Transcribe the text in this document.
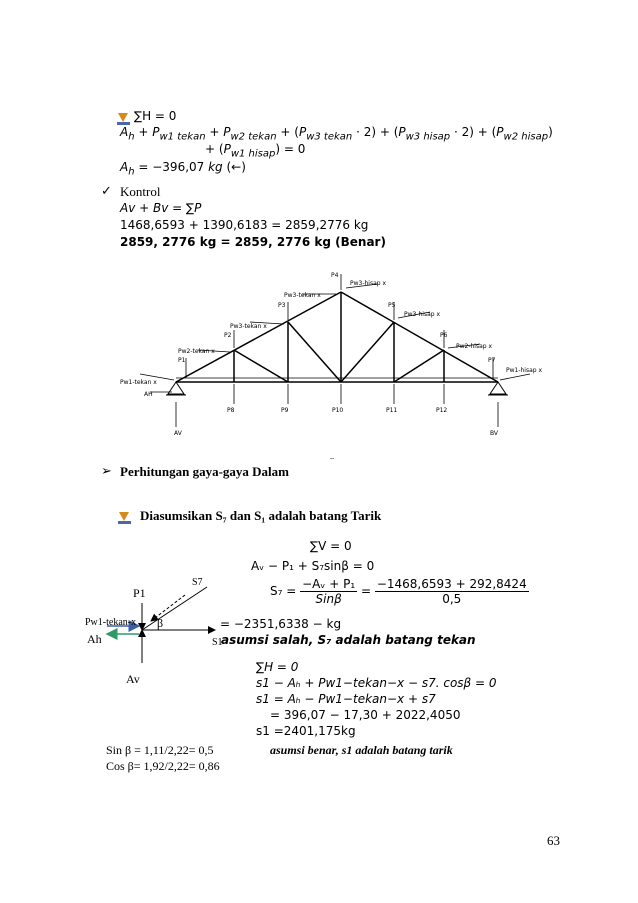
∑H = 0
$A_h + P_{w1 tekan} + P_{w2 tekan} + (P_{w3 tekan} \cdot 2) + (P_{w3 hisap} \cdot 2) + (P_{w2 hisap})$
+ $(P_{w1 hisap}) = 0$
$A_h = -396,07$ kg (←)
✓ Kontrol
Av + Bv = ∑P
1468,6593 + 1390,6183 = 2859,2776 kg
2859, 2776 kg = 2859, 2776 kg (Benar)
P1
P2
P3
P4
P5
P6
P7
P8	P9	P10	P11	P12
Pw1-tekan x
Pw2-tekan x
Pw3-tekan x
Pw3-tekan x
Pw3-hisap x
Pw3-hisap x
Pw2-hisap x
Pw1-hisap x
AH
AV	BV
--
➢ Perhitungan gaya-gaya Dalam
Diasumsikan S₇ dan S₁ adalah batang Tarik
∑V = 0
Aᵥ − P₁ + S₇sinβ = 0
$S_7 = \frac{\text{−Aᵥ + P₁}}{\text{Sinβ}} = \frac{-1468,6593 + 292,8424}{0,5}$
= −2351,6338 − kg
asumsi salah, S₇ adalah batang tekan
P1
S7
Pw1-tekan-x
Ah
β
S1
Av
∑H = 0
s1 − Aₕ + Pw1−tekan−x − s7. cosβ = 0
s1 = Aₕ − Pw1−tekan−x + s7
= 396,07 − 17,30 + 2022,4050
s1 =2401,175kg
Sin β = 1,11/2,22= 0,5	asumsi benar, s1 adalah batang tarik
Cos β= 1,92/2,22= 0,86
63
